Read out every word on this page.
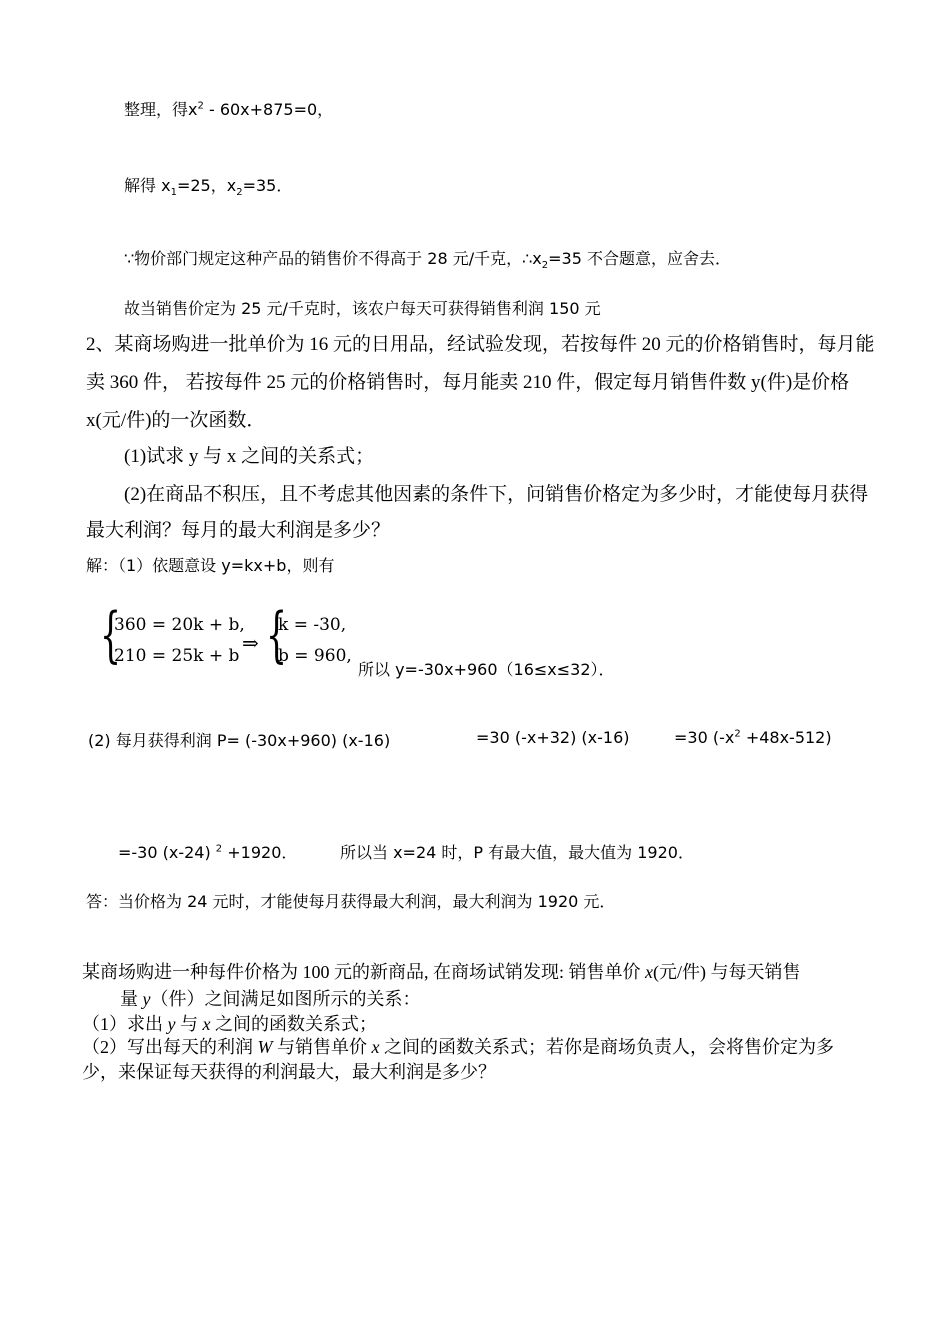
整理，得$x^2 - 60x+875=0$，
解得 $x_1=25$，$x_2=35$．
∵物价部门规定这种产品的销售价不得高于 28 元/千克，$\therefore x_2=35$ 不合题意，应舍去．
故当销售价定为 25 元/千克时，该农户每天可获得销售利润 150 元
2、某商场购进一批单价为 16 元的日用品，经试验发现，若按每件 20 元的价格销售时，每月能
卖 360 件， 若按每件 25 元的价格销售时，每月能卖 210 件，假定每月销售件数 y(件)是价格
x(元/件)的一次函数．
(1)试求 y 与 x 之间的关系式；
(2)在商品不积压，且不考虑其他因素的条件下，问销售价格定为多少时，才能使每月获得
最大利润？每月的最大利润是多少？
解：（1）依题意设 y=kx+b，则有
{
360 = 20k + b,
210 = 25k + b
⇒ {
k = -30,
b = 960,
所以 y=-30x+960（16≤x≤32）．
(2) 每月获得利润 P= (-30x+960) (x-16)	=30 (-x+32) (x-16)	=30 $(-x^2 +48x-512)$
=-30 (x-24) $^2$ +1920．	所以当 x=24 时，P 有最大值，最大值为 1920．
答：当价格为 24 元时，才能使每月获得最大利润，最大利润为 1920 元．
某商场购进一种每件价格为 100 元的新商品, 在商场试销发现: 销售单价 x(元/件) 与每天销售
量 y（件）之间满足如图所示的关系：
（1）求出 y 与 x 之间的函数关系式；
（2）写出每天的利润 W 与销售单价 x 之间的函数关系式；若你是商场负责人，会将售价定为多
少，来保证每天获得的利润最大，最大利润是多少？
